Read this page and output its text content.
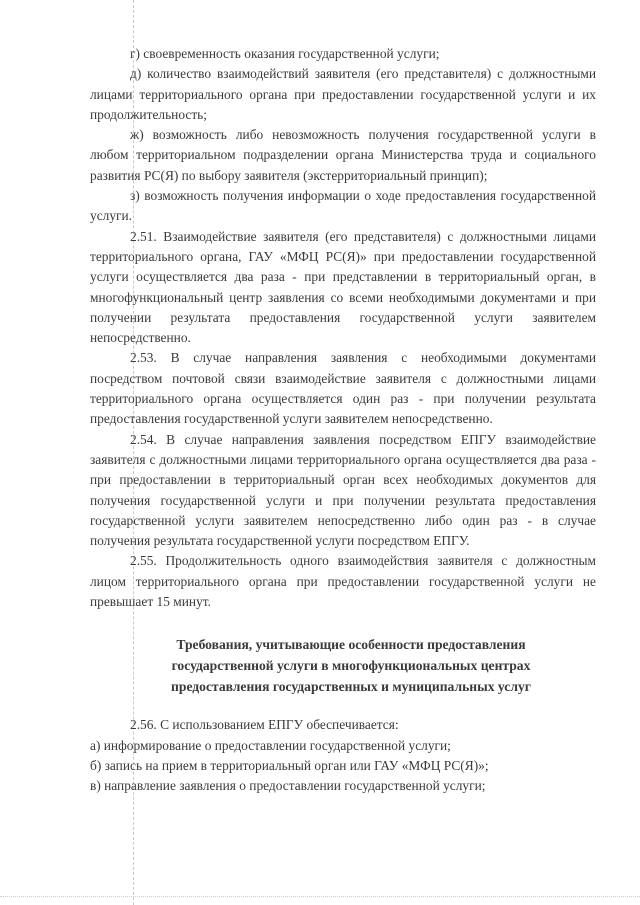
г) своевременность оказания государственной услуги;

д) количество взаимодействий заявителя (его представителя) с должностными лицами территориального органа при предоставлении государственной услуги и их продолжительность;

ж) возможность либо невозможность получения государственной услуги в любом территориальном подразделении органа Министерства труда и социального развития РС(Я) по выбору заявителя (экстерриториальный принцип);

з) возможность получения информации о ходе предоставления государственной услуги.

2.51. Взаимодействие заявителя (его представителя) с должностными лицами территориального органа, ГАУ «МФЦ РС(Я)» при предоставлении государственной услуги осуществляется два раза - при представлении в территориальный орган, в многофункциональный центр заявления со всеми необходимыми документами и при получении результата предоставления государственной услуги заявителем непосредственно.

2.53. В случае направления заявления с необходимыми документами посредством почтовой связи взаимодействие заявителя с должностными лицами территориального органа осуществляется один раз - при получении результата предоставления государственной услуги заявителем непосредственно.

2.54. В случае направления заявления посредством ЕПГУ взаимодействие заявителя с должностными лицами территориального органа осуществляется два раза - при предоставлении в территориальный орган всех необходимых документов для получения государственной услуги и при получении результата предоставления государственной услуги заявителем непосредственно либо один раз - в случае получения результата государственной услуги посредством ЕПГУ.

2.55. Продолжительность одного взаимодействия заявителя с должностным лицом территориального органа при предоставлении государственной услуги не превышает 15 минут.

Требования, учитывающие особенности предоставления

государственной услуги в многофункциональных центрах

предоставления государственных и муниципальных услуг

2.56. С использованием ЕПГУ обеспечивается:

а) информирование о предоставлении государственной услуги;

б) запись на прием в территориальный орган или ГАУ «МФЦ РС(Я)»;

в) направление заявления о предоставлении государственной услуги;
